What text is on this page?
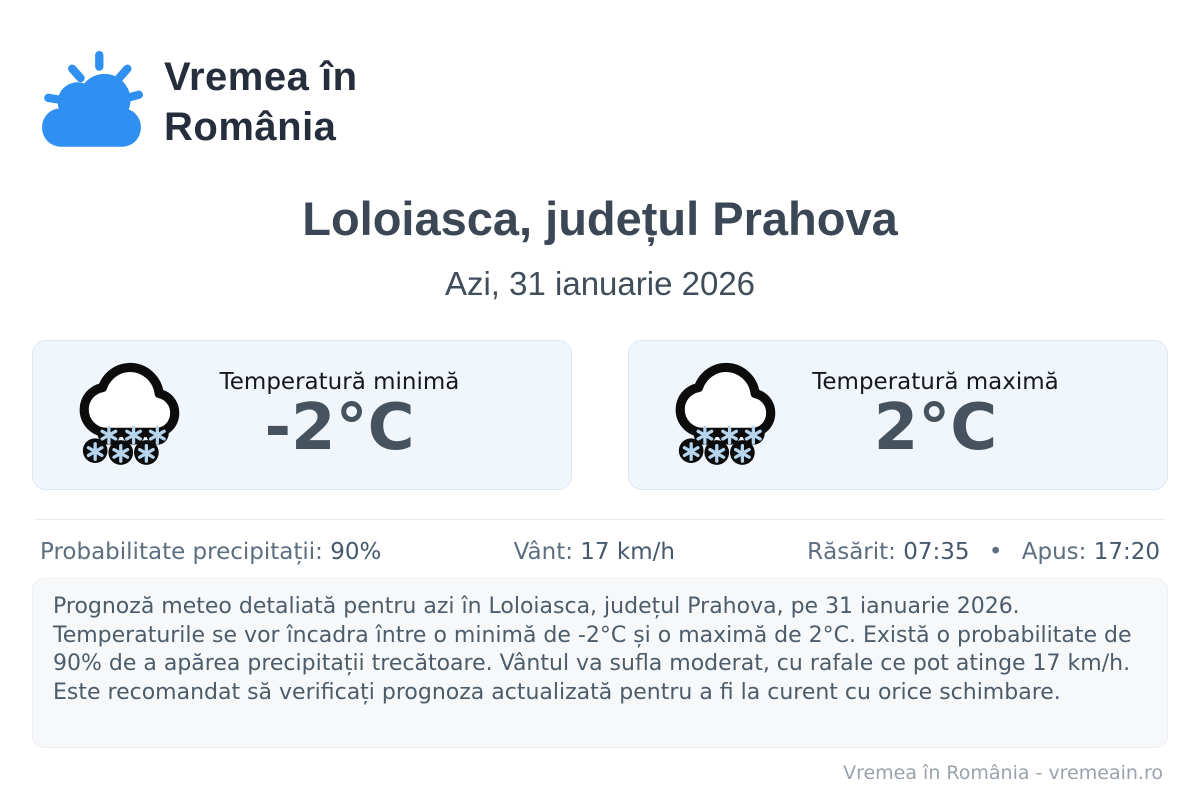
Vremea în
România
Loloiasca, județul Prahova
Azi, 31 ianuarie 2026
Temperatură minimă
-2°C
Temperatură maximă
2°C
Probabilitate precipitații: 90%	Vânt: 17 km/h	Răsărit: 07:35 • Apus: 17:20
Prognoză meteo detaliată pentru azi în Loloiasca, județul Prahova, pe 31 ianuarie 2026. Temperaturile se vor încadra între o minimă de -2°C și o maximă de 2°C. Există o probabilitate de 90% de a apărea precipitații trecătoare. Vântul va sufla moderat, cu rafale ce pot atinge 17 km/h. Este recomandat să verificați prognoza actualizată pentru a fi la curent cu orice schimbare.
Vremea în România - vremeain.ro
